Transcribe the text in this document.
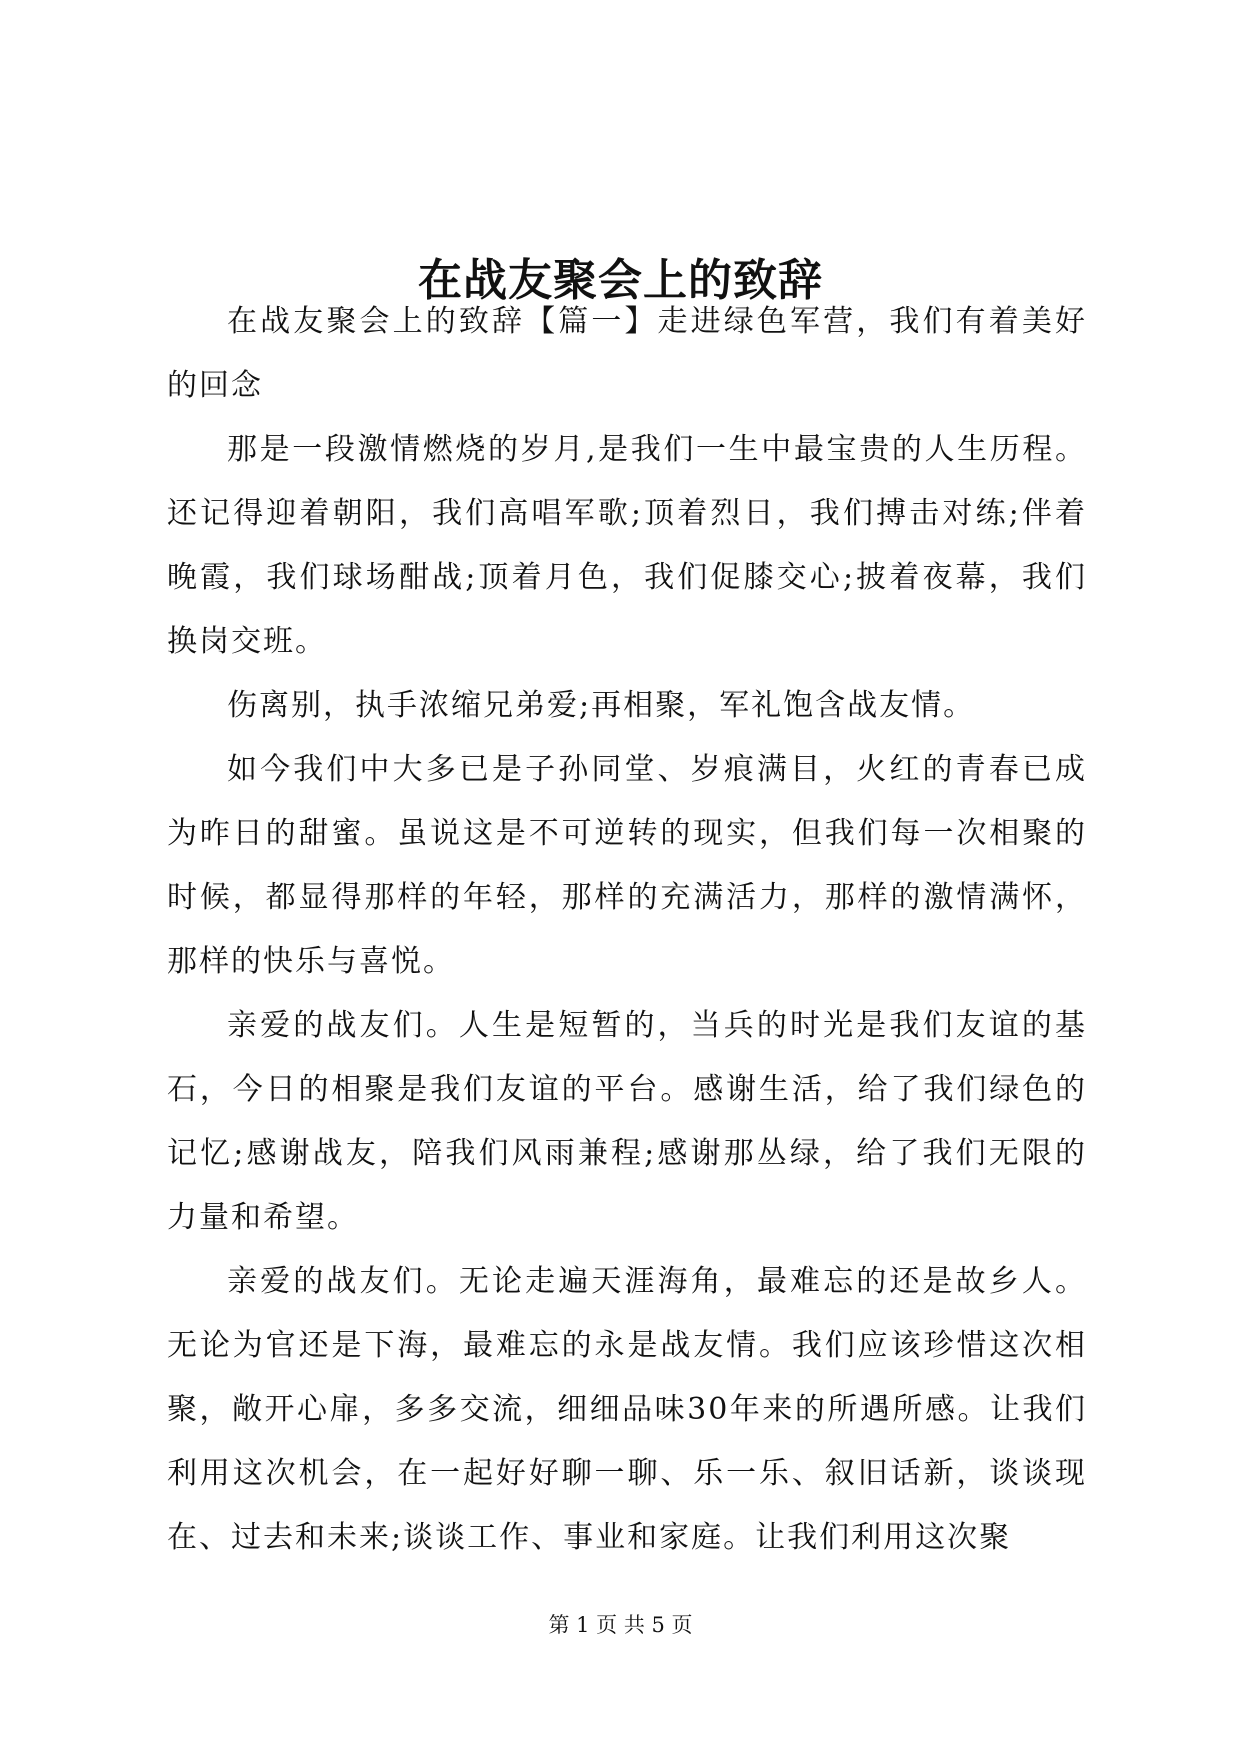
在战友聚会上的致辞

在战友聚会上的致辞【篇一】走进绿色军营，我们有着美好的回念

那是一段激情燃烧的岁月,是我们一生中最宝贵的人生历程。还记得迎着朝阳，我们高唱军歌;顶着烈日，我们搏击对练;伴着晚霞，我们球场酣战;顶着月色，我们促膝交心;披着夜幕，我们换岗交班。

伤离别，执手浓缩兄弟爱;再相聚，军礼饱含战友情。

如今我们中大多已是子孙同堂、岁痕满目，火红的青春已成为昨日的甜蜜。虽说这是不可逆转的现实，但我们每一次相聚的时候，都显得那样的年轻，那样的充满活力，那样的激情满怀，那样的快乐与喜悦。

亲爱的战友们。人生是短暂的，当兵的时光是我们友谊的基石，今日的相聚是我们友谊的平台。感谢生活，给了我们绿色的记忆;感谢战友，陪我们风雨兼程;感谢那丛绿，给了我们无限的力量和希望。

亲爱的战友们。无论走遍天涯海角，最难忘的还是故乡人。无论为官还是下海，最难忘的永是战友情。我们应该珍惜这次相聚，敞开心扉，多多交流，细细品味30年来的所遇所感。让我们利用这次机会，在一起好好聊一聊、乐一乐、叙旧话新，谈谈现在、过去和未来;谈谈工作、事业和家庭。让我们利用这次聚

第 1 页 共 5 页
